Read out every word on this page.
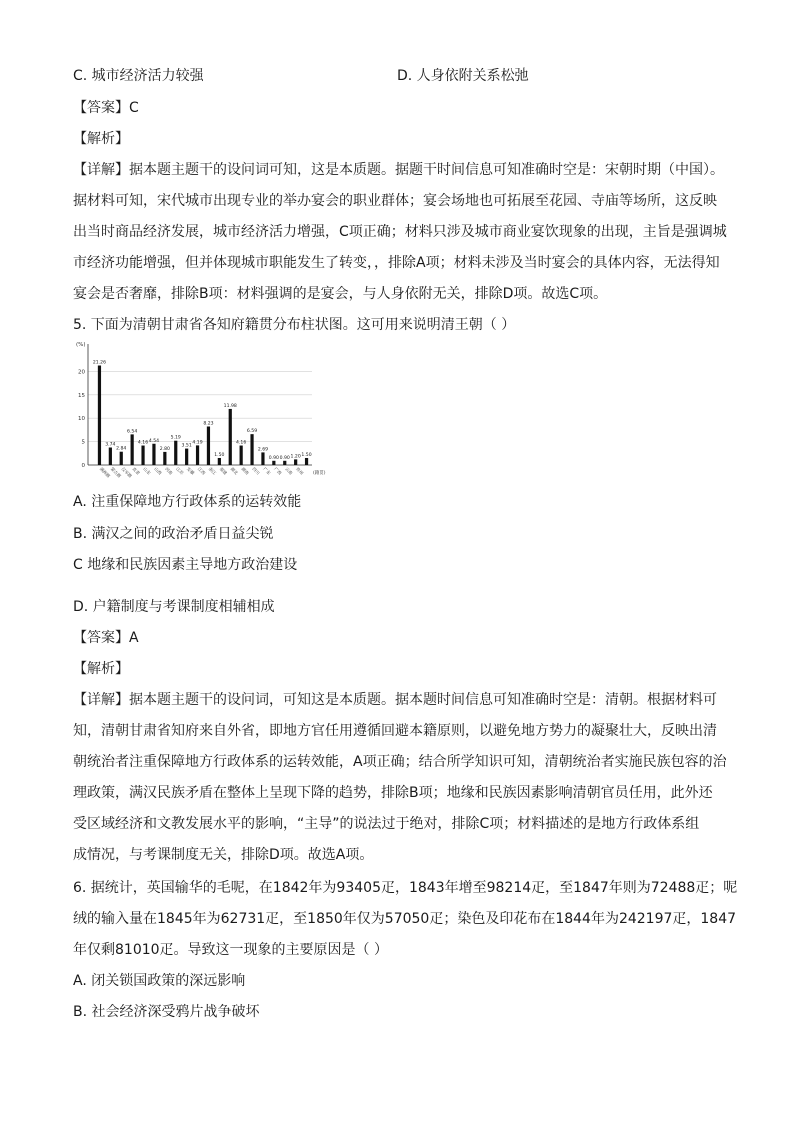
C. 城市经济活力较强	D. 人身依附关系松弛
【答案】C
【解析】
【详解】据本题主题干的设问词可知，这是本质题。据题干时间信息可知准确时空是：宋朝时期（中国）。
据材料可知，宋代城市出现专业的举办宴会的职业群体；宴会场地也可拓展至花园、寺庙等场所，这反映
出当时商品经济发展，城市经济活力增强，C项正确；材料只涉及城市商业宴饮现象的出现，主旨是强调城
市经济功能增强，但并体现城市职能发生了转变，，排除A项；材料未涉及当时宴会的具体内容，无法得知
宴会是否奢靡，排除B项：材料强调的是宴会，与人身依附无关，排除D项。故选C项。
5. 下面为清朝甘肃省各知府籍贯分布柱状图。这可用来说明清王朝（ ）
(%)
0
5
10
15
20
(籍贯)
21.26
3.74
2.84
6.54
4.16 4.54
2.80
5.19
3.51
4.19
8.23
1.50
11.98
4.16
6.59
2.69
0.90 0.90 1.20 1.50
满洲旗
蒙古旗
汉军旗
直隶 山东 山西 河南 江苏 安徽 江西 浙江 福建 湖北 湖南 四川 广东 广西 云南 贵州
A. 注重保障地方行政体系的运转效能
B. 满汉之间的政治矛盾日益尖锐
C 地缘和民族因素主导地方政治建设
D. 户籍制度与考课制度相辅相成
【答案】A
【解析】
【详解】据本题主题干的设问词，可知这是本质题。据本题时间信息可知准确时空是：清朝。根据材料可
知，清朝甘肃省知府来自外省，即地方官任用遵循回避本籍原则，以避免地方势力的凝聚壮大，反映出清
朝统治者注重保障地方行政体系的运转效能，A项正确；结合所学知识可知，清朝统治者实施民族包容的治
理政策，满汉民族矛盾在整体上呈现下降的趋势，排除B项；地缘和民族因素影响清朝官员任用，此外还
受区域经济和文教发展水平的影响，“主导”的说法过于绝对，排除C项；材料描述的是地方行政体系组
成情况，与考课制度无关，排除D项。故选A项。
6. 据统计，英国输华的毛呢，在1842年为93405疋，1843年增至98214疋，至1847年则为72488疋；呢
绒的输入量在1845年为62731疋，至1850年仅为57050疋；染色及印花布在1844年为242197疋，1847
年仅剩81010疋。导致这一现象的主要原因是（ ）
A. 闭关锁国政策的深远影响
B. 社会经济深受鸦片战争破坏
